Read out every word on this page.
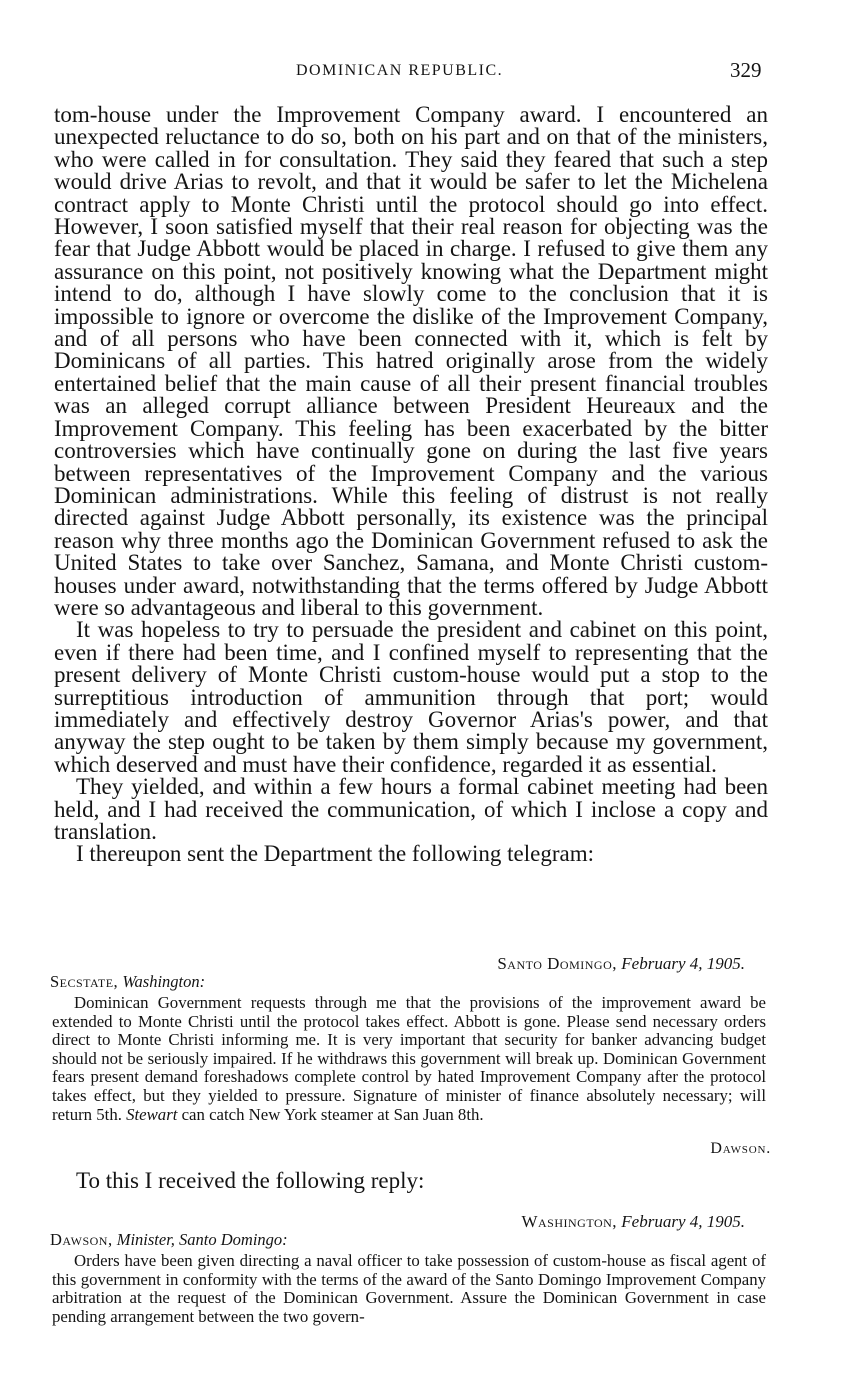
DOMINICAN REPUBLIC.	329

tom-house under the Improvement Company award. I encountered an unexpected reluctance to do so, both on his part and on that of the ministers, who were called in for consultation. They said they feared that such a step would drive Arias to revolt, and that it would be safer to let the Michelena contract apply to Monte Christi until the protocol should go into effect. However, I soon satisfied myself that their real reason for objecting was the fear that Judge Abbott would be placed in charge. I refused to give them any assurance on this point, not positively knowing what the Department might intend to do, although I have slowly come to the conclusion that it is impossible to ignore or overcome the dislike of the Improvement Company, and of all persons who have been connected with it, which is felt by Dominicans of all parties. This hatred originally arose from the widely entertained belief that the main cause of all their present financial troubles was an alleged corrupt alliance between President Heureaux and the Improvement Company. This feeling has been exacerbated by the bitter controversies which have continually gone on during the last five years between representatives of the Improvement Company and the various Dominican administrations. While this feeling of distrust is not really directed against Judge Abbott personally, its existence was the principal reason why three months ago the Dominican Government refused to ask the United States to take over Sanchez, Samana, and Monte Christi custom-houses under award, notwithstanding that the terms offered by Judge Abbott were so advantageous and liberal to this government.

It was hopeless to try to persuade the president and cabinet on this point, even if there had been time, and I confined myself to representing that the present delivery of Monte Christi custom-house would put a stop to the surreptitious introduction of ammunition through that port; would immediately and effectively destroy Governor Arias's power, and that anyway the step ought to be taken by them simply because my government, which deserved and must have their confidence, regarded it as essential.

They yielded, and within a few hours a formal cabinet meeting had been held, and I had received the communication, of which I inclose a copy and translation.

I thereupon sent the Department the following telegram:

Santo Domingo, February 4, 1905.
Secstate, Washington:

Dominican Government requests through me that the provisions of the improvement award be extended to Monte Christi until the protocol takes effect. Abbott is gone. Please send necessary orders direct to Monte Christi informing me. It is very important that security for banker advancing budget should not be seriously impaired. If he withdraws this government will break up. Dominican Government fears present demand foreshadows complete control by hated Improvement Company after the protocol takes effect, but they yielded to pressure. Signature of minister of finance absolutely necessary; will return 5th. Stewart can catch New York steamer at San Juan 8th.

Dawson.
To this I received the following reply:
Washington, February 4, 1905.
Dawson, Minister, Santo Domingo:

Orders have been given directing a naval officer to take possession of custom-house as fiscal agent of this government in conformity with the terms of the award of the Santo Domingo Improvement Company arbitration at the request of the Dominican Government. Assure the Dominican Government in case pending arrangement between the two govern-
